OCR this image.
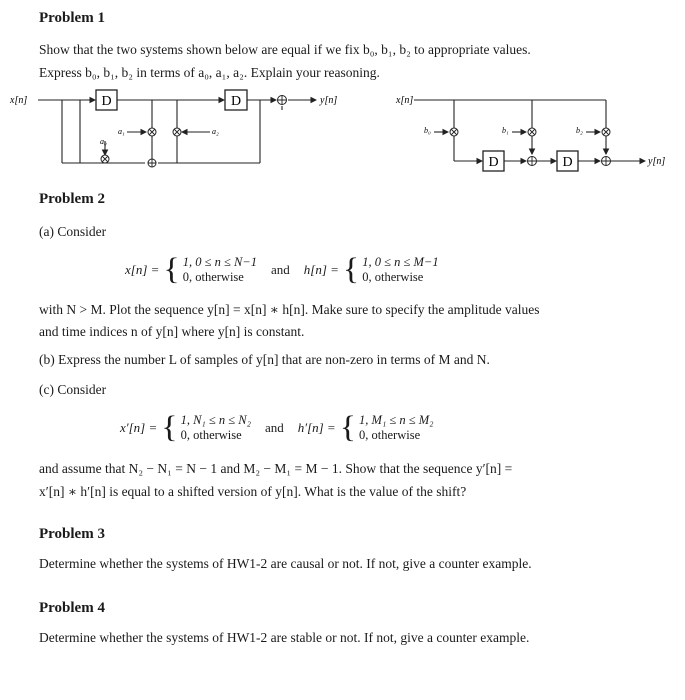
Problem 1
Show that the two systems shown below are equal if we fix b₀, b₁, b₂ to appropriate values.
Express b₀, b₁, b₂ in terms of a₀, a₁, a₂. Explain your reasoning.
D	D
x[n]	y[n]
a₁	a₂
a₀
D	D
x[n]
y[n]
b₀	b₁	b₂
Problem 2
(a) Consider
x[n] = { 1, 0 ≤ n ≤ N−1
0, otherwise	and h[n] = { 1, 0 ≤ n ≤ M−1
0, otherwise
with N > M. Plot the sequence y[n] = x[n] ∗ h[n]. Make sure to specify the amplitude values
and time indices n of y[n] where y[n] is constant.
(b) Express the number L of samples of y[n] that are non-zero in terms of M and N.
(c) Consider
x′[n] = { 1, N₁ ≤ n ≤ N₂
0, otherwise	and h′[n] = { 1, M₁ ≤ n ≤ M₂
0, otherwise
and assume that N₂ − N₁ = N − 1 and M₂ − M₁ = M − 1. Show that the sequence y′[n] =
x′[n] ∗ h′[n] is equal to a shifted version of y[n]. What is the value of the shift?
Problem 3
Determine whether the systems of HW1-2 are causal or not. If not, give a counter example.
Problem 4
Determine whether the systems of HW1-2 are stable or not. If not, give a counter example.
